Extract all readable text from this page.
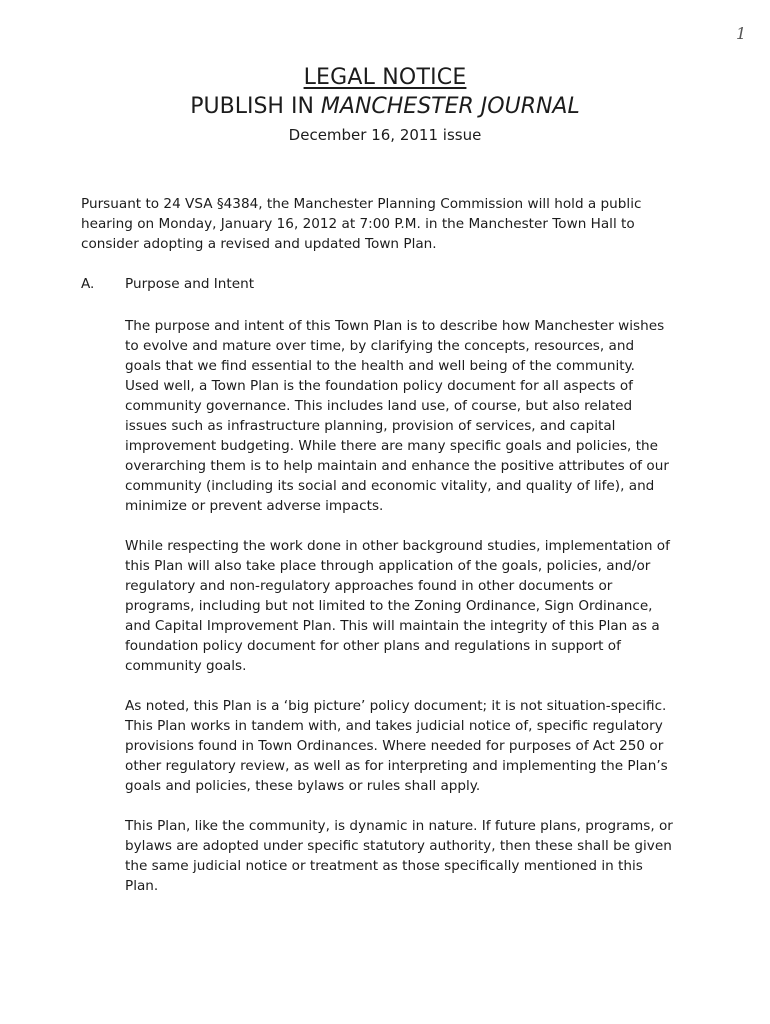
1
LEGAL NOTICE
PUBLISH IN MANCHESTER JOURNAL
December 16, 2011 issue

Pursuant to 24 VSA §4384, the Manchester Planning Commission will hold a public hearing on Monday, January 16, 2012 at 7:00 P.M. in the Manchester Town Hall to consider adopting a revised and updated Town Plan.

A. Purpose and Intent

The purpose and intent of this Town Plan is to describe how Manchester wishes to evolve and mature over time, by clarifying the concepts, resources, and goals that we find essential to the health and well being of the community. Used well, a Town Plan is the foundation policy document for all aspects of community governance. This includes land use, of course, but also related issues such as infrastructure planning, provision of services, and capital improvement budgeting. While there are many specific goals and policies, the overarching them is to help maintain and enhance the positive attributes of our community (including its social and economic vitality, and quality of life), and minimize or prevent adverse impacts.

While respecting the work done in other background studies, implementation of this Plan will also take place through application of the goals, policies, and/or regulatory and non-regulatory approaches found in other documents or programs, including but not limited to the Zoning Ordinance, Sign Ordinance, and Capital Improvement Plan. This will maintain the integrity of this Plan as a foundation policy document for other plans and regulations in support of community goals.

As noted, this Plan is a ‘big picture’ policy document; it is not situation-specific. This Plan works in tandem with, and takes judicial notice of, specific regulatory provisions found in Town Ordinances. Where needed for purposes of Act 250 or other regulatory review, as well as for interpreting and implementing the Plan’s goals and policies, these bylaws or rules shall apply.

This Plan, like the community, is dynamic in nature. If future plans, programs, or bylaws are adopted under specific statutory authority, then these shall be given the same judicial notice or treatment as those specifically mentioned in this Plan.
